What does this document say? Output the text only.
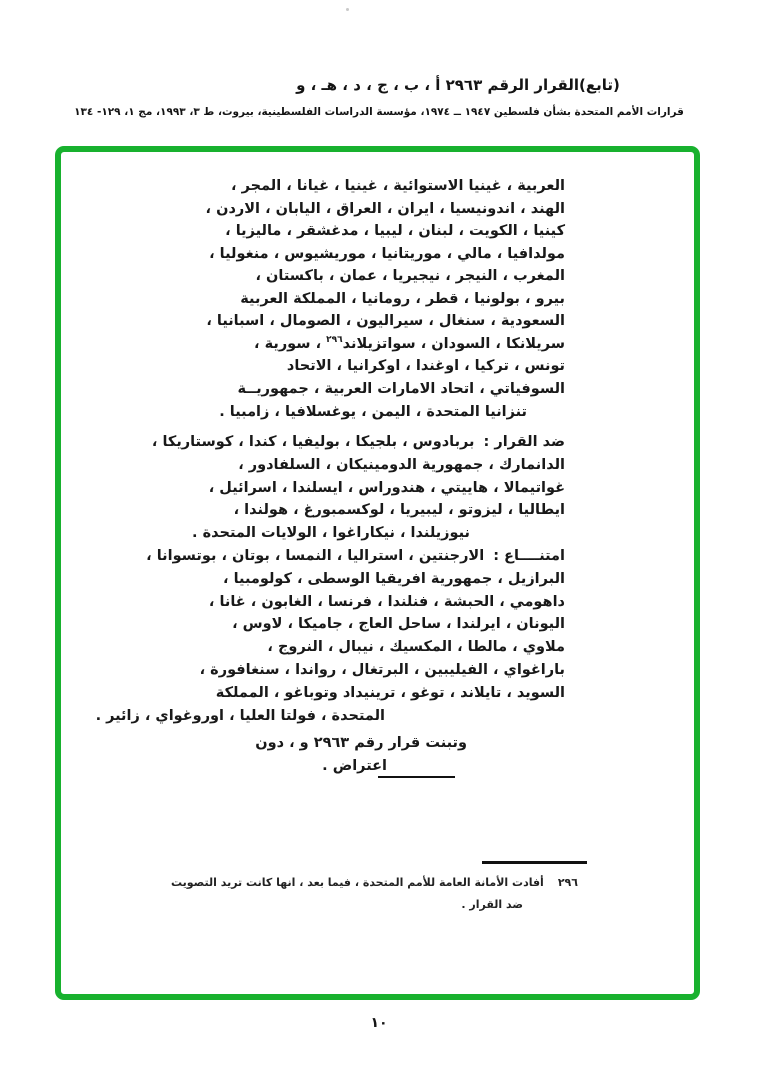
(تابع)القرار الرقم ٢٩٦٣ أ ، ب ، ج ، د ، هـ ، و
قرارات الأمم المتحدة بشأن فلسطين ١٩٤٧ ــ ١٩٧٤، مؤسسة الدراسات الفلسطينية، بيروت، ط ٣، ١٩٩٣، مج ١، ١٢٩- ١٣٤
العربية ، غينيا الاستوائية ، غينيا ، غيانا ، المجر ،
الهند ، اندونيسيا ، ايران ، العراق ، اليابان ، الاردن ،
كينيا ، الكويت ، لبنان ، ليبيا ، مدغشقر ، ماليزيا ،
مولدافيا ، مالي ، موريتانيا ، موريشيوس ، منغوليا ،
المغرب ، النيجر ، نيجيريا ، عمان ، باكستان ،
بيرو ، بولونيا ، قطر ، رومانيا ، المملكة العربية
السعودية ، سنغال ، سيراليون ، الصومال ، اسبانيا ،
سريلانكا ، السودان ، سواتزيلاند$^{٢٩٦}$ ، سورية ،
تونس ، تركيا ، اوغندا ، اوكرانيا ، الاتحاد
السوفياتي ، اتحاد الامارات العربية ، جمهوريــة
تنزانيا المتحدة ، اليمن ، يوغسلافيا ، زامبيا .
ضد القرار :بربادوس ، بلجيكا ، بوليفيا ، كندا ، كوستاريكا ،
الدانمارك ، جمهورية الدومينيكان ، السلفادور ،
غواتيمالا ، هاييتي ، هندوراس ، ايسلندا ، اسرائيل ،
ايطاليا ، ليزوتو ، ليبيريا ، لوكسمبورغ ، هولندا ،
نيوزيلندا ، نيكاراغوا ، الولايات المتحدة .
امتنــــاع :الارجنتين ، استراليا ، النمسا ، بوتان ، بوتسوانا ،
البرازيل ، جمهورية افريقيا الوسطى ، كولومبيا ،
داهومي ، الحبشة ، فنلندا ، فرنسا ، الغابون ، غانا ،
اليونان ، ايرلندا ، ساحل العاج ، جاميكا ، لاوس ،
ملاوي ، مالطا ، المكسيك ، نيبال ، النروج ،
باراغواي ، الفيليبين ، البرتغال ، رواندا ، سنغافورة ،
السويد ، تايلاند ، توغو ، ترينيداد وتوباغو ، المملكة
المتحدة ، فولتا العليا ، اوروغواي ، زائير .
وتبنت قرار رقم ٢٩٦٣ و ، دون
اعتراض .
٢٩٦أفادت الأمانة العامة للأمم المتحدة ، فيما بعد ، انها كانت تريد التصويت
ضد القرار .
١٠
